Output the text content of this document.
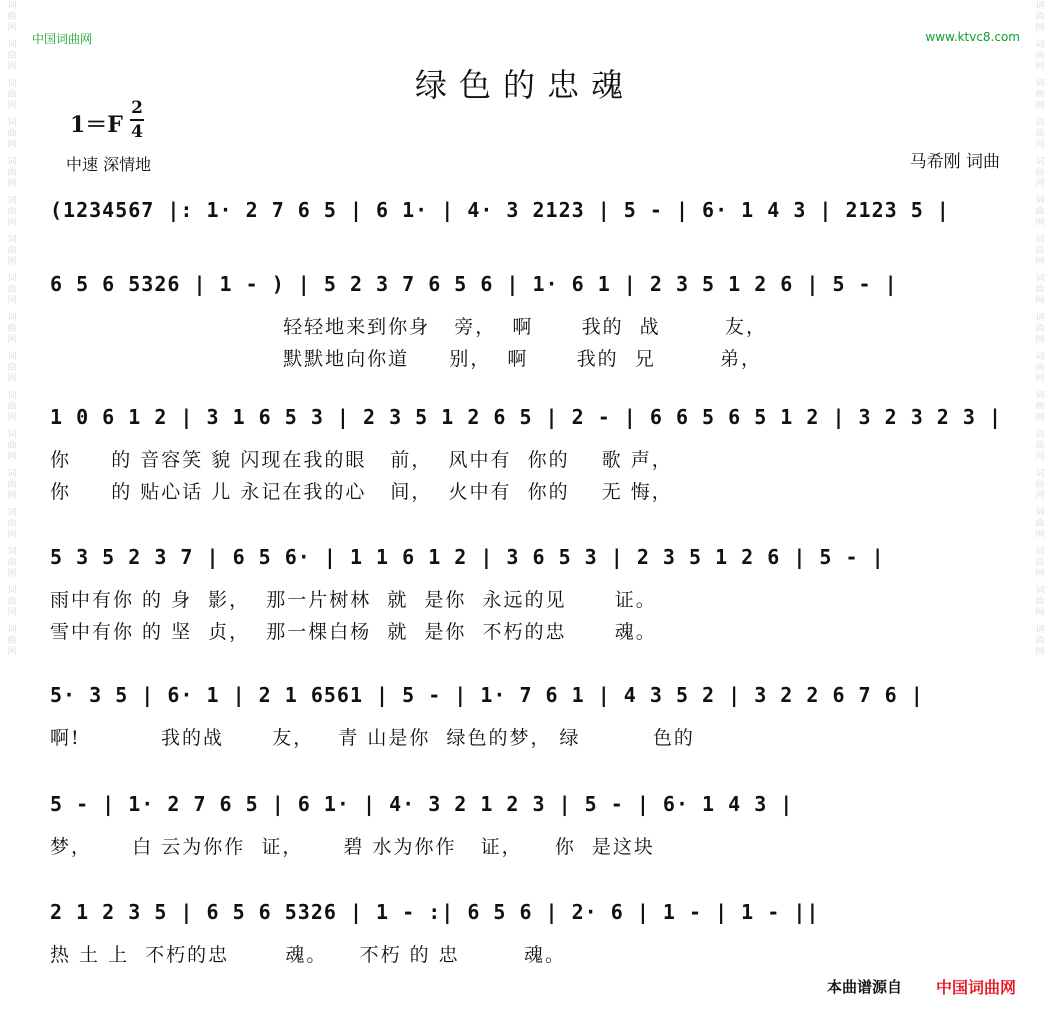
词曲网
词曲网
词曲网
词曲网
词曲网
词曲网
词曲网
词曲网
词曲网
词曲网
词曲网
词曲网
词曲网
词曲网
词曲网
词曲网
词曲网
词曲网
词曲网
词曲网
词曲网
词曲网
词曲网
词曲网
词曲网
词曲网
词曲网
词曲网
词曲网
词曲网
词曲网
词曲网
词曲网
词曲网
中国词曲网	www.ktvc8.com
绿色的忠魂
1＝F
2
4
中速 深情地	马希刚 词曲
(1234567 |: 1· 2 7 6 5 | 6 1· | 4· 3 2123 | 5 - | 6· 1 4 3 | 2123 5 |
6 5 6 5326 | 1 - ) | 5 2 3 7 6 5 6 | 1· 6 1 | 2 3 5 1 2 6 | 5 - |
轻轻地来到你身   旁，  啊      我的  战        友，
默默地向你道     别，  啊      我的  兄        弟，
1 0 6 1 2 | 3 1 6 5 3 | 2 3 5 1 2 6 5 | 2 - | 6 6 5 6 5 1 2 | 3 2 3 2 3 |
你     的 音容笑 貌 闪现在我的眼   前，  风中有  你的    歌 声，
你     的 贴心话 儿 永记在我的心   间，  火中有  你的    无 悔，
5 3 5 2 3 7 | 6 5 6· | 1 1 6 1 2 | 3 6 5 3 | 2 3 5 1 2 6 | 5 - |
雨中有你 的 身  影，  那一片树林  就  是你  永远的见      证。
雪中有你 的 坚  贞，  那一棵白杨  就  是你  不朽的忠      魂。
5· 3 5 | 6· 1 | 2 1 6561 | 5 - | 1· 7 6 1 | 4 3 5 2 | 3 2 2 6 7 6 |
啊!          我的战      友，   青 山是你  绿色的梦， 绿         色的
5 - | 1· 2 7 6 5 | 6 1· | 4· 3 2 1 2 3 | 5 - | 6· 1 4 3 |
梦，     白 云为你作  证，     碧 水为你作   证，    你  是这块
2 1 2 3 5 | 6 5 6 5326 | 1 - :| 6 5 6 | 2· 6 | 1 - | 1 - ||
热 土 上  不朽的忠       魂。    不朽 的 忠        魂。
本曲谱源自 中国词曲网
